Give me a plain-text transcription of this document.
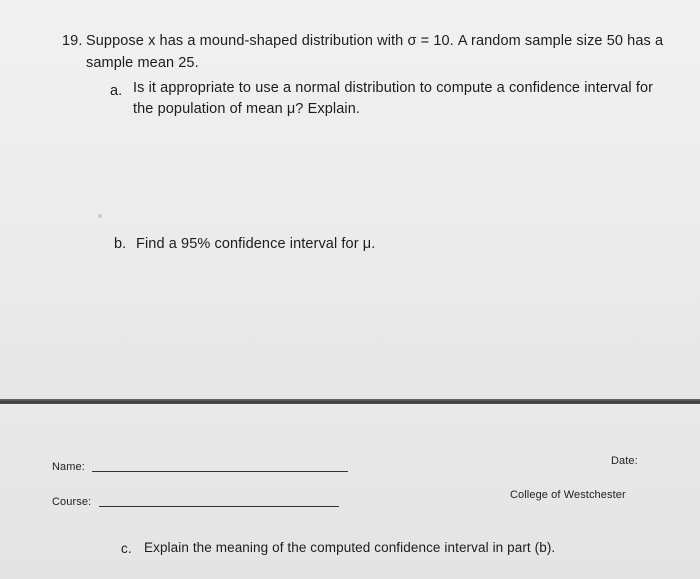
19. Suppose x has a mound-shaped distribution with σ = 10. A random sample size 50 has a
sample mean 25.
a. Is it appropriate to use a normal distribution to compute a confidence interval for
the population of mean μ? Explain.
b. Find a 95% confidence interval for μ.
Name:	Date:
Course:
College of Westchester
c. Explain the meaning of the computed confidence interval in part (b).
